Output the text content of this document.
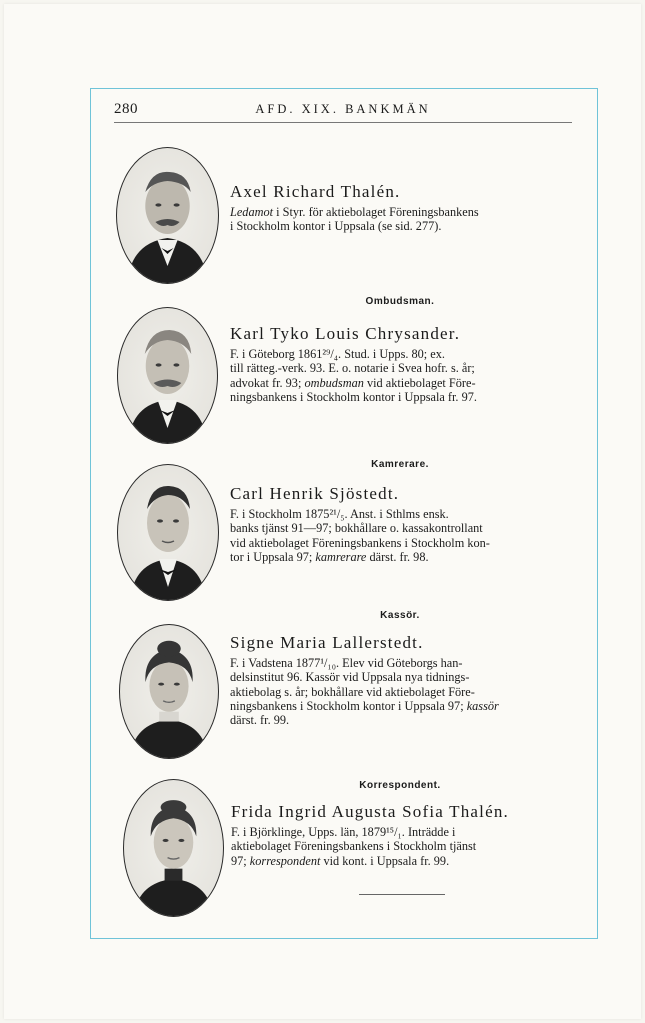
280	AFD. XIX. BANKMÄN
Axel Richard Thalén.
Ledamot i Styr. för aktiebolaget Föreningsbankens
i Stockholm kontor i Uppsala (se sid. 277).
Ombudsman.
Karl Tyko Louis Chrysander.
F. i Göteborg 1861²⁹/₄. Stud. i Upps. 80; ex.
till rätteg.-verk. 93. E. o. notarie i Svea hofr. s. år;
advokat fr. 93; ombudsman vid aktiebolaget Före-
ningsbankens i Stockholm kontor i Uppsala fr. 97.
Kamrerare.
Carl Henrik Sjöstedt.
F. i Stockholm 1875²¹/₅. Anst. i Sthlms ensk.
banks tjänst 91—97; bokhållare o. kassakontrollant
vid aktiebolaget Föreningsbankens i Stockholm kon-
tor i Uppsala 97; kamrerare därst. fr. 98.
Kassör.
Signe Maria Lallerstedt.
F. i Vadstena 1877¹/₁₀. Elev vid Göteborgs han-
delsinstitut 96. Kassör vid Uppsala nya tidnings-
aktiebolag s. år; bokhållare vid aktiebolaget Före-
ningsbankens i Stockholm kontor i Uppsala 97; kassör
därst. fr. 99.
Korrespondent.
Frida Ingrid Augusta Sofia Thalén.
F. i Björklinge, Upps. län, 1879¹⁵/₁. Inträdde i
aktiebolaget Föreningsbankens i Stockholm tjänst
97; korrespondent vid kont. i Uppsala fr. 99.
